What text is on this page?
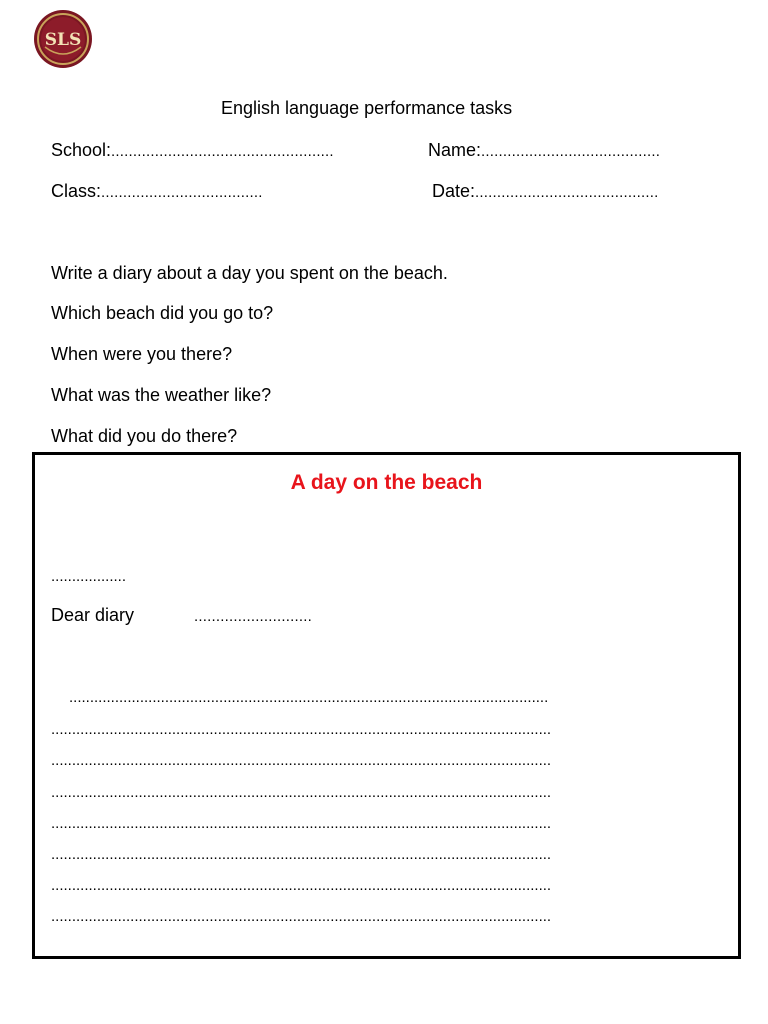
SLS
English language performance tasks
School:...................................................	Name:.........................................
Class:.....................................	Date:..........................................
Write a diary about a day you spent on the beach.
Which beach did you go to?
When were you there?
What was the weather like?
What did you do there?
A day on the beach
..................
Dear diary	...........................
...................................................................................................................
........................................................................................................................
........................................................................................................................
........................................................................................................................
........................................................................................................................
........................................................................................................................
........................................................................................................................
........................................................................................................................
